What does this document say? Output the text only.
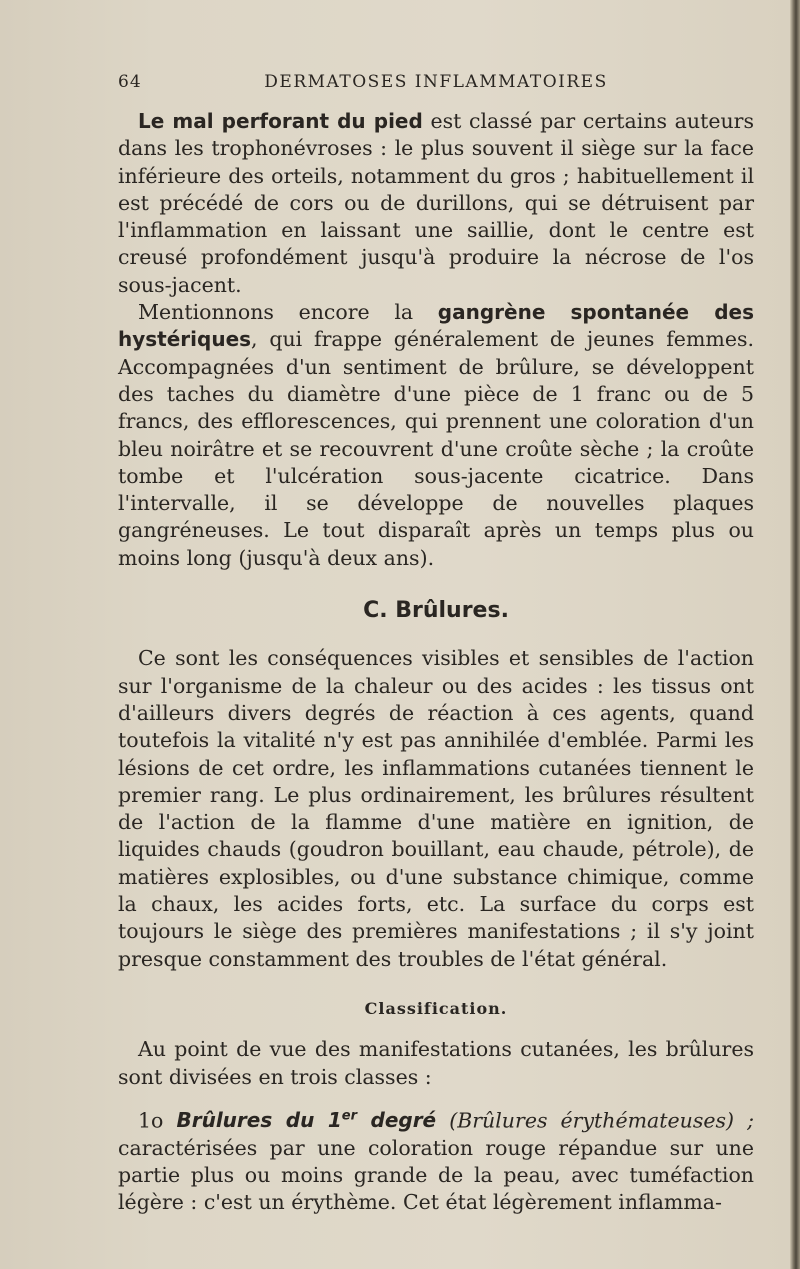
64	DERMATOSES INFLAMMATOIRES

Le mal perforant du pied est classé par certains auteurs dans les trophonévroses : le plus souvent il siège sur la face inférieure des orteils, notamment du gros ; habituellement il est précédé de cors ou de durillons, qui se détruisent par l'inflammation en laissant une saillie, dont le centre est creusé profondément jusqu'à produire la nécrose de l'os sous-jacent.

Mentionnons encore la gangrène spontanée des hystériques, qui frappe généralement de jeunes femmes. Accompagnées d'un sentiment de brûlure, se développent des taches du diamètre d'une pièce de 1 franc ou de 5 francs, des efflorescences, qui prennent une coloration d'un bleu noirâtre et se recouvrent d'une croûte sèche ; la croûte tombe et l'ulcération sous-jacente cicatrice. Dans l'intervalle, il se développe de nouvelles plaques gangréneuses. Le tout disparaît après un temps plus ou moins long (jusqu'à deux ans).

C. Brûlures.

Ce sont les conséquences visibles et sensibles de l'action sur l'organisme de la chaleur ou des acides : les tissus ont d'ailleurs divers degrés de réaction à ces agents, quand toutefois la vitalité n'y est pas annihilée d'emblée. Parmi les lésions de cet ordre, les inflammations cutanées tiennent le premier rang. Le plus ordinairement, les brûlures résultent de l'action de la flamme d'une matière en ignition, de liquides chauds (goudron bouillant, eau chaude, pétrole), de matières explosibles, ou d'une substance chimique, comme la chaux, les acides forts, etc. La surface du corps est toujours le siège des premières manifestations ; il s'y joint presque constamment des troubles de l'état général.

Classification.

Au point de vue des manifestations cutanées, les brûlures sont divisées en trois classes :

1o Brûlures du 1er degré (Brûlures érythémateuses) ; caractérisées par une coloration rouge répandue sur une partie plus ou moins grande de la peau, avec tuméfaction légère : c'est un érythème. Cet état légèrement inflamma-
